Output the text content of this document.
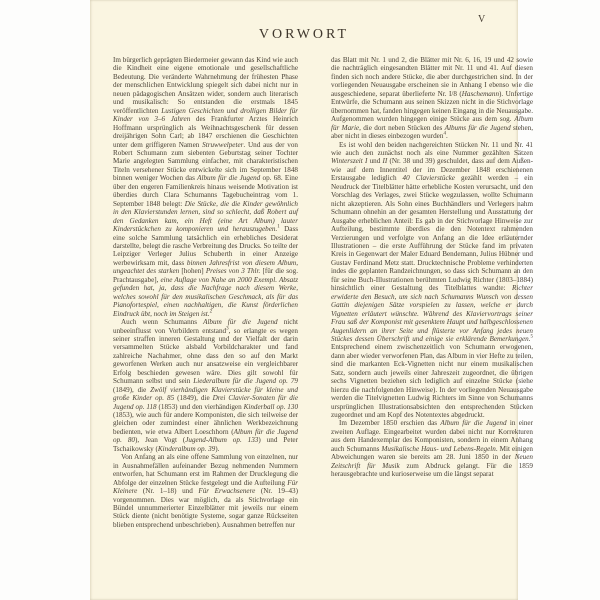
V
VORWORT

Im bürgerlich geprägten Biedermeier gewann das Kind wie auch die Kindheit eine eigene emotionale und gesellschaftliche Bedeutung. Die veränderte Wahrnehmung der frühesten Phase der menschlichen Entwicklung spiegelt sich dabei nicht nur in neuen pädagogischen Ansätzen wider, sondern auch literarisch und musikalisch: So entstanden die erstmals 1845 veröffentlichten Lustigen Geschichten und drolligen Bilder für Kinder von 3–6 Jahren des Frankfurter Arztes Heinrich Hoffmann ursprünglich als Weihnachtsgeschenk für dessen dreijährigen Sohn Carl; ab 1847 erschienen die Geschichten unter dem griffigeren Namen Struwwelpeter. Und aus der von Robert Schumann zum siebenten Geburtstag seiner Tochter Marie angelegten Sammlung einfacher, mit charakteristischen Titeln versehener Stücke entwickelte sich im September 1848 binnen weniger Wochen das Album für die Jugend op. 68. Eine über den engeren Familienkreis hinaus weisende Motivation ist überdies durch Clara Schumanns Tagebucheintrag vom 1. September 1848 belegt: Die Stücke, die die Kinder gewöhnlich in den Klavierstunden lernen, sind so schlecht, daß Robert auf den Gedanken kam, ein Heft (eine Art Album) lauter Kinderstückchen zu komponieren und herauszugeben.$^1$ Dass eine solche Sammlung tatsächlich ein erhebliches Desiderat darstellte, belegt die rasche Verbreitung des Drucks. So teilte der Leipziger Verleger Julius Schuberth in einer Anzeige werbewirksam mit, dass binnen Jahresfrist von diesem Album, ungeachtet des starken [hohen] Preises von 3 Thlr. [für die sog. Prachtausgabe], eine Auflage von Nahe an 2000 Exempl. Absatz gefunden hat, ja, dass die Nachfrage nach diesem Werke, welches sowohl für den musikalischen Geschmack, als für das Pianofortespiel, einen nachhaltigen, die Kunst förderlichen Eindruck übt, noch im Steigen ist.$^2$

Auch wenn Schumanns Album für die Jugend nicht unbeeinflusst von Vorbildern entstand$^3$, so erlangte es wegen seiner straffen inneren Gestaltung und der Vielfalt der darin versammelten Stücke alsbald Vorbildcharakter und fand zahlreiche Nachahmer, ohne dass den so auf den Markt geworfenen Werken auch nur ansatzweise ein vergleichbarer Erfolg beschieden gewesen wäre. Dies gilt sowohl für Schumann selbst und sein Liederalbum für die Jugend op. 79 (1849), die Zwölf vierhändigen Klavierstücke für kleine und große Kinder op. 85 (1849), die Drei Clavier-Sonaten für die Jugend op. 118 (1853) und den vierhändigen Kinderball op. 130 (1853), wie auch für andere Komponisten, die sich teilweise der gleichen oder zumindest einer ähnlichen Werkbezeichnung bedienten, wie etwa Albert Loeschhorn (Album für die Jugend op. 80), Jean Vogt (Jugend-Album op. 133) und Peter Tschaikowsky (Kinderalbum op. 39).

Von Anfang an als eine offene Sammlung von einzelnen, nur in Ausnahmefällen aufeinander Bezug nehmenden Nummern entworfen, hat Schumann erst im Rahmen der Drucklegung die Abfolge der einzelnen Stücke festgelegt und die Aufteilung Für Kleinere (Nr. 1–18) und Für Erwachsenere (Nr. 19–43) vorgenommen. Dies war möglich, da als Stichvorlage ein Bündel unnummerierter Einzelblätter mit jeweils nur einem Stück diente (nicht benötigte Systeme, sogar ganze Rückseiten blieben entsprechend unbeschrieben). Ausnahmen betreffen nur

das Blatt mit Nr. 1 und 2, die Blätter mit Nr. 6, 16, 19 und 42 sowie die nachträglich eingesandten Blätter mit Nr. 11 und 41. Auf diesen finden sich noch andere Stücke, die aber durchgestrichen sind. In der vorliegenden Neuausgabe erscheinen sie in Anhang I ebenso wie die ausgeschiedene, separat überlieferte Nr. I/8 (Haschemann). Unfertige Entwürfe, die Schumann aus seinen Skizzen nicht in die Stichvorlage übernommen hat, fanden hingegen keinen Eingang in die Neuausgabe. Aufgenommen wurden hingegen einige Stücke aus dem sog. Album für Marie, die dort neben Stücken des Albums für die Jugend stehen, aber nicht in dieses einbezogen wurden$^4$.

Es ist wohl den beiden nachgereichten Stücken Nr. 11 und Nr. 41 wie auch den zunächst noch als eine Nummer gezählten Sätzen Winterszeit I und II (Nr. 38 und 39) geschuldet, dass auf dem Außen- wie auf dem Innentitel der im Dezember 1848 erschienenen Erstausgabe lediglich 40 Clavierstücke gezählt werden – ein Neudruck der Titelblätter hätte erhebliche Kosten verursacht, und den Vorschlag des Verlages, zwei Stücke wegzulassen, wollte Schumann nicht akzeptieren. Als Sohn eines Buchhändlers und Verlegers nahm Schumann ohnehin an der gesamten Herstellung und Ausstattung der Ausgabe erheblichen Anteil: Es gab in der Stichvorlage Hinweise zur Aufteilung, bestimmte überdies die den Notentext rahmenden Verzierungen und verfolgte von Anfang an die Idee erläuternder Illustrationen – die erste Aufführung der Stücke fand im privaten Kreis in Gegenwart der Maler Eduard Bendemann, Julius Hübner und Gustav Ferdinand Metz statt. Drucktechnische Probleme verhinderten indes die geplanten Randzeichnungen, so dass sich Schumann an den für seine Buch-Illustrationen berühmten Ludwig Richter (1803–1884) hinsichtlich einer Gestaltung des Titelblattes wandte: Richter erwiderte den Besuch, um sich nach Schumanns Wunsch von dessen Gattin diejenigen Sätze vorspielen zu lassen, welche er durch Vignetten erläutert wünschte. Während des Klaviervortrags seiner Frau saß der Komponist mit gesenktem Haupt und halbgeschlossenen Augenlidern an ihrer Seite und flüsterte vor Anfang jedes neuen Stückes dessen Überschrift und einige sie erklärende Bemerkungen.$^5$ Entsprechend einem zwischenzeitlich von Schumann erwogenen, dann aber wieder verworfenen Plan, das Album in vier Hefte zu teilen, sind die markanten Eck-Vignetten nicht nur einem musikalischen Satz, sondern auch jeweils einer Jahreszeit zugeordnet, die übrigen sechs Vignetten beziehen sich lediglich auf einzelne Stücke (siehe hierzu die nachfolgenden Hinweise). In der vorliegenden Neuausgabe werden die Titelvignetten Ludwig Richters im Sinne von Schumanns ursprünglichen Illustrationsabsichten den entsprechenden Stücken zugeordnet und am Kopf des Notentextes abgedruckt.

Im Dezember 1850 erschien das Album für die Jugend in einer zweiten Auflage. Eingearbeitet wurden dabei nicht nur Korrekturen aus dem Handexemplar des Komponisten, sondern in einem Anhang auch Schumanns Musikalische Haus- und Lebens-Regeln. Mit einigen Abweichungen waren sie bereits am 28. Juni 1850 in der Neuen Zeitschrift für Musik zum Abdruck gelangt. Für die 1859 herausgebrachte und kurioserweise um die längst separat
